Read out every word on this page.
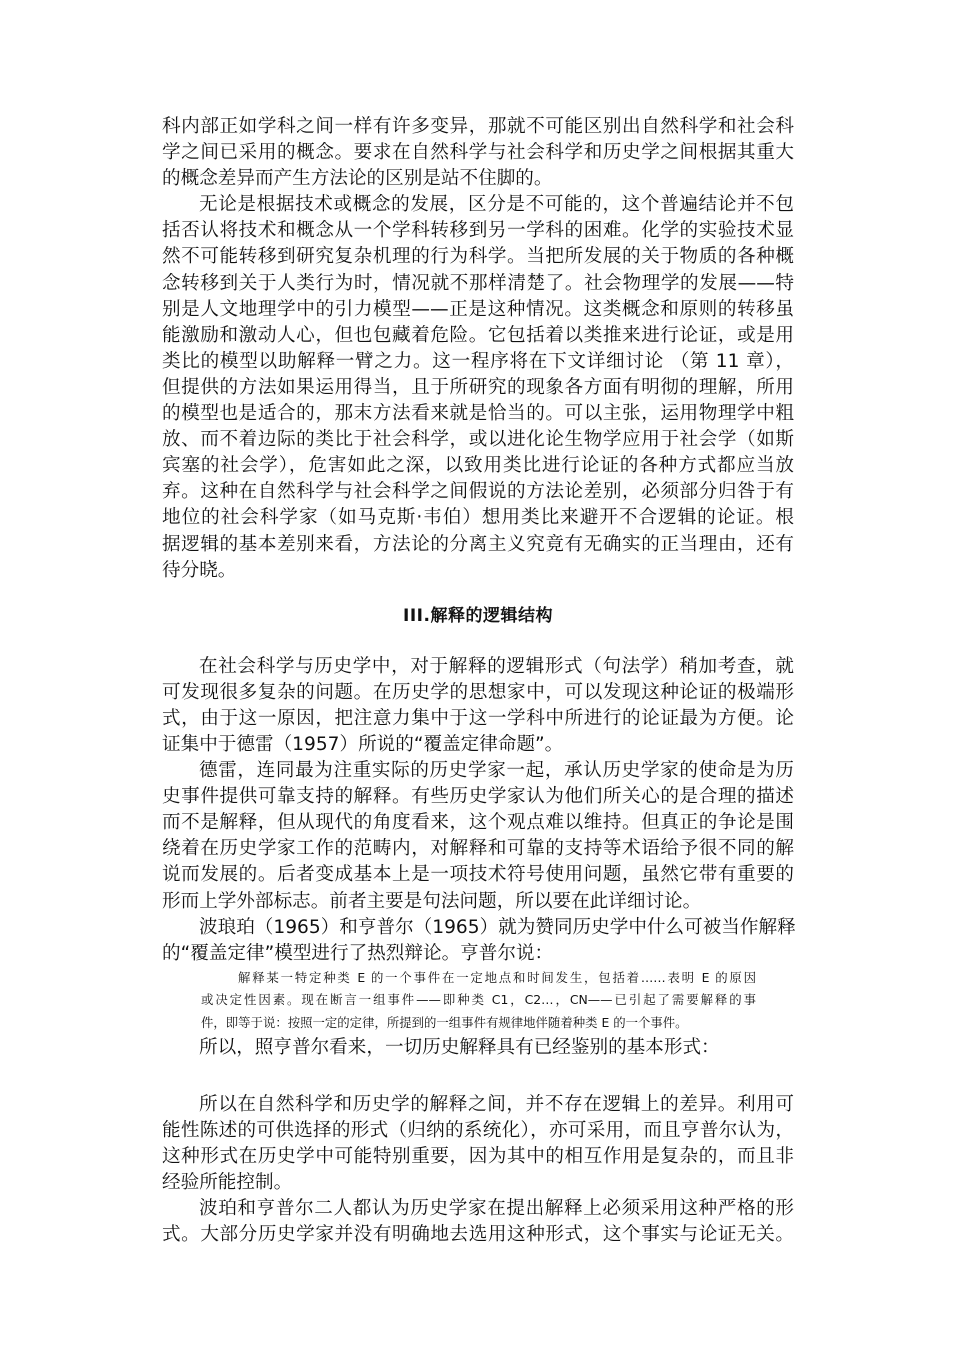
科内部正如学科之间一样有许多变异，那就不可能区别出自然科学和社会科
学之间已采用的概念。要求在自然科学与社会科学和历史学之间根据其重大
的概念差异而产生方法论的区别是站不住脚的。
无论是根据技术或概念的发展，区分是不可能的，这个普遍结论并不包
括否认将技术和概念从一个学科转移到另一学科的困难。化学的实验技术显
然不可能转移到研究复杂机理的行为科学。当把所发展的关于物质的各种概
念转移到关于人类行为时，情况就不那样清楚了。社会物理学的发展——特
别是人文地理学中的引力模型——正是这种情况。这类概念和原则的转移虽
能激励和激动人心，但也包藏着危险。它包括着以类推来进行论证，或是用
类比的模型以助解释一臂之力。这一程序将在下文详细讨论 （第 11 章），
但提供的方法如果运用得当，且于所研究的现象各方面有明彻的理解，所用
的模型也是适合的，那末方法看来就是恰当的。可以主张，运用物理学中粗
放、而不着边际的类比于社会科学，或以进化论生物学应用于社会学（如斯
宾塞的社会学），危害如此之深，以致用类比进行论证的各种方式都应当放
弃。这种在自然科学与社会科学之间假说的方法论差别，必须部分归咎于有
地位的社会科学家（如马克斯·韦伯）想用类比来避开不合逻辑的论证。根
据逻辑的基本差别来看，方法论的分离主义究竟有无确实的正当理由，还有
待分晓。
III.解释的逻辑结构
在社会科学与历史学中，对于解释的逻辑形式（句法学）稍加考查，就
可发现很多复杂的问题。在历史学的思想家中，可以发现这种论证的极端形
式，由于这一原因，把注意力集中于这一学科中所进行的论证最为方便。论
证集中于德雷（1957）所说的“覆盖定律命题”。
德雷，连同最为注重实际的历史学家一起，承认历史学家的使命是为历
史事件提供可靠支持的解释。有些历史学家认为他们所关心的是合理的描述
而不是解释，但从现代的角度看来，这个观点难以维持。但真正的争论是围
绕着在历史学家工作的范畴内，对解释和可靠的支持等术语给予很不同的解
说而发展的。后者变成基本上是一项技术符号使用问题，虽然它带有重要的
形而上学外部标志。前者主要是句法问题，所以要在此详细讨论。
波琅珀（1965）和亨普尔（1965）就为赞同历史学中什么可被当作解释
的“覆盖定律”模型进行了热烈辩论。亨普尔说：
解释某一特定种类 E 的一个事件在一定地点和时间发生，包括着……表明 E 的原因
或决定性因素。现在断言一组事件——即种类 C1，C2…，CN——已引起了需要解释的事
件，即等于说：按照一定的定律，所提到的一组事件有规律地伴随着种类 E 的一个事件。
所以，照亨普尔看来，一切历史解释具有已经鉴别的基本形式：
所以在自然科学和历史学的解释之间，并不存在逻辑上的差异。利用可
能性陈述的可供选择的形式（归纳的系统化），亦可采用，而且亨普尔认为，
这种形式在历史学中可能特别重要，因为其中的相互作用是复杂的，而且非
经验所能控制。
波珀和亨普尔二人都认为历史学家在提出解释上必须采用这种严格的形
式。大部分历史学家并没有明确地去选用这种形式，这个事实与论证无关。
